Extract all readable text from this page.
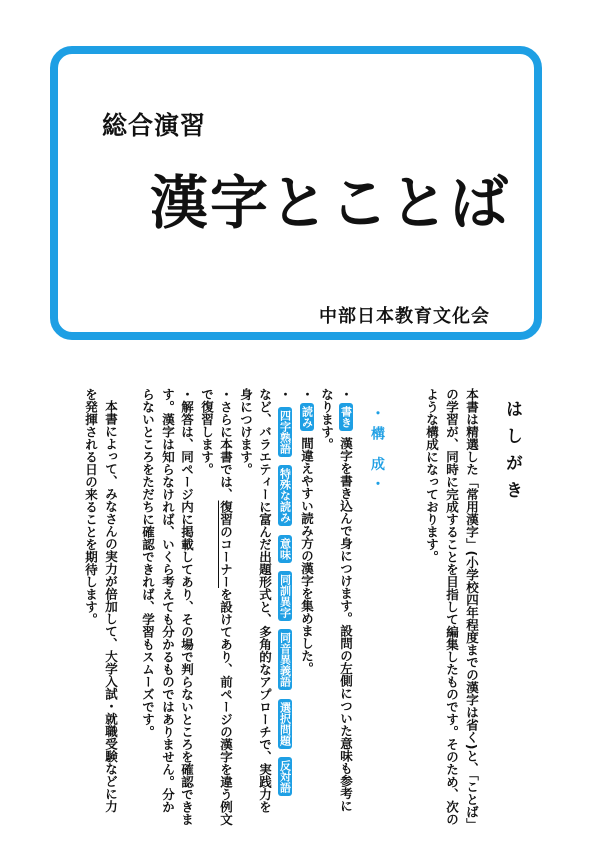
総合演習
漢字とことば
中部日本教育文化会
はしがき
本書は精選した「常用漢字」(小学校四年程度までの漢字は省く)と、「ことば」
の学習が、同時に完成することを目指して編集したものです。そのため、次の
ような構成になっております。
・構 成・
・書き 漢字を書き込んで身につけます。設問の左側についた意味も参考に
なります。
・読み 間違えやすい読み方の漢字を集めました。
・ 四字熟語 特殊な読み 意味 同訓異字 同音異義語 選択問題 反対語
など、バラエティーに富んだ出題形式と、多角的なアプローチで、実践力を
身につけます。
・さらに本書では、復習のコーナーを設けてあり、前ページの漢字を違う例文
で復習します。
・解答は、同ページ内に掲載してあり、その場で判らないところを確認できま
す。漢字は知らなければ、いくら考えても分かるものではありません。分か
らないところをただちに確認できれば、学習もスムーズです。
本書によって、みなさんの実力が倍加して、大学入試・就職受験などに力
を発揮される日の来ることを期待します。
